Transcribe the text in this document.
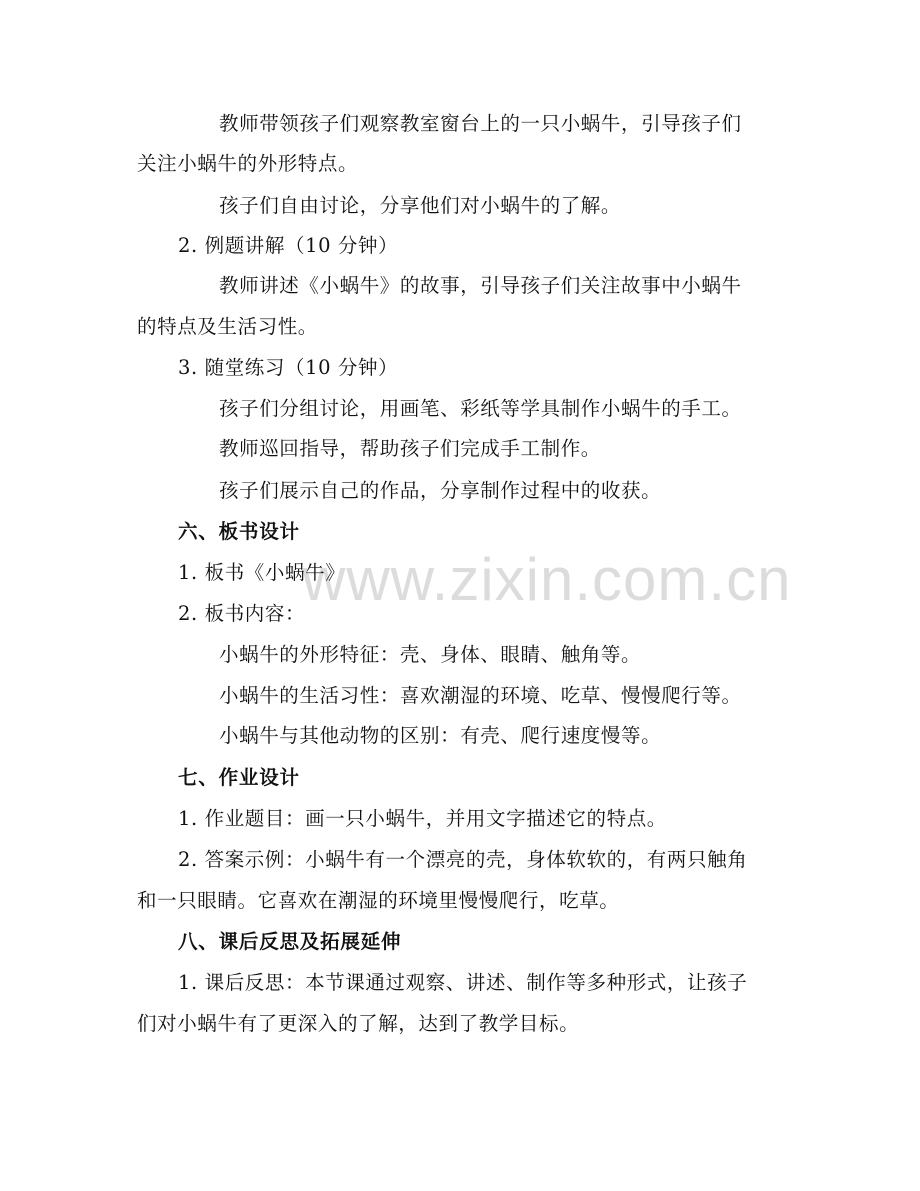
www.zixin.com.cn
教师带领孩子们观察教室窗台上的一只小蜗牛，引导孩子们
关注小蜗牛的外形特点。
孩子们自由讨论，分享他们对小蜗牛的了解。
2. 例题讲解（10 分钟）
教师讲述《小蜗牛》的故事，引导孩子们关注故事中小蜗牛
的特点及生活习性。
3. 随堂练习（10 分钟）
孩子们分组讨论，用画笔、彩纸等学具制作小蜗牛的手工。
教师巡回指导，帮助孩子们完成手工制作。
孩子们展示自己的作品，分享制作过程中的收获。
六、板书设计
1. 板书《小蜗牛》
2. 板书内容：
小蜗牛的外形特征：壳、身体、眼睛、触角等。
小蜗牛的生活习性：喜欢潮湿的环境、吃草、慢慢爬行等。
小蜗牛与其他动物的区别：有壳、爬行速度慢等。
七、作业设计
1. 作业题目：画一只小蜗牛，并用文字描述它的特点。
2. 答案示例：小蜗牛有一个漂亮的壳，身体软软的，有两只触角
和一只眼睛。它喜欢在潮湿的环境里慢慢爬行，吃草。
八、课后反思及拓展延伸
1. 课后反思：本节课通过观察、讲述、制作等多种形式，让孩子
们对小蜗牛有了更深入的了解，达到了教学目标。
